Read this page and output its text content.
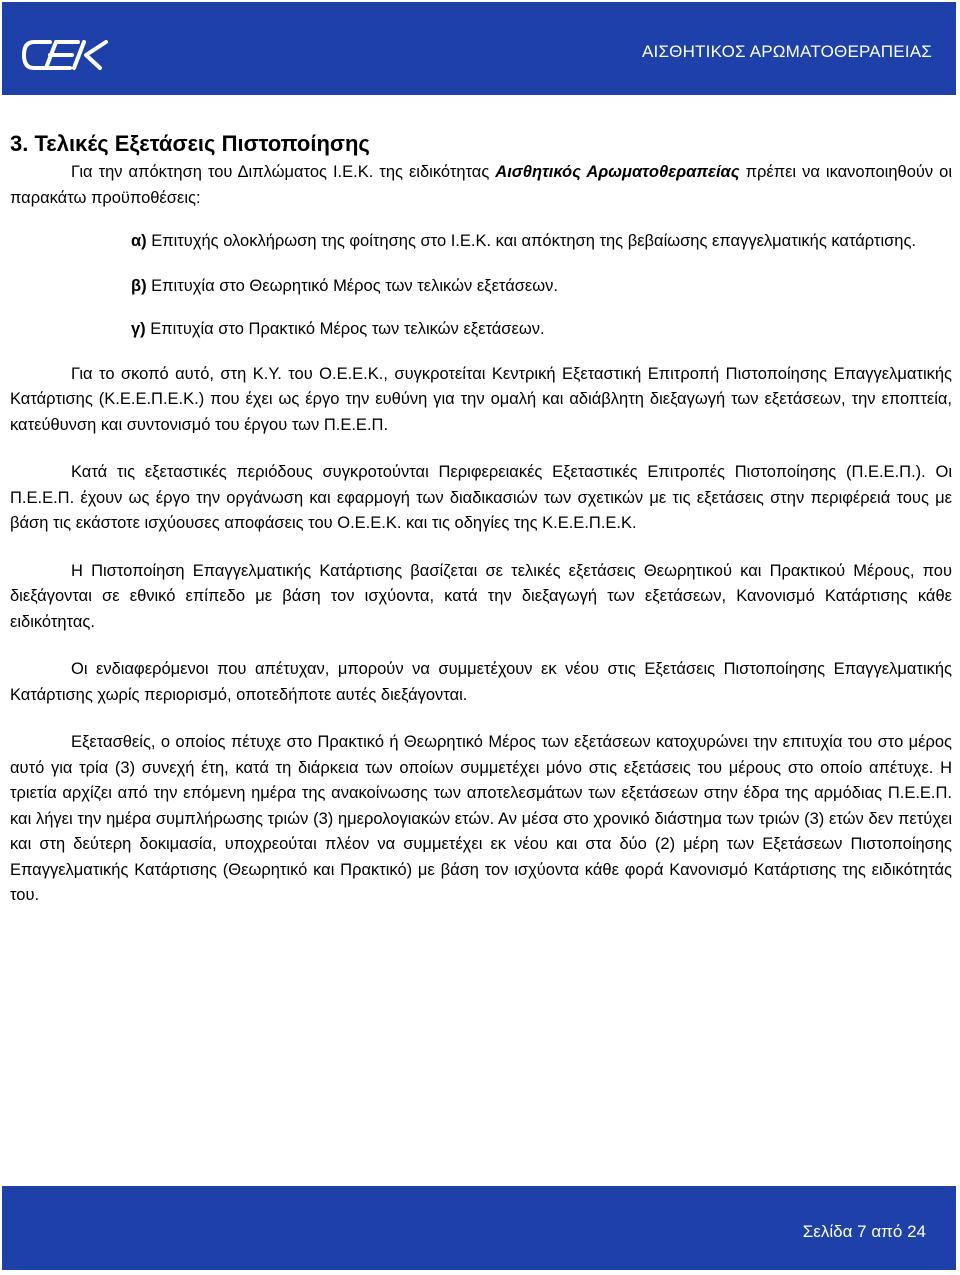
ΑΙΣΘΗΤΙΚΟΣ ΑΡΩΜΑΤΟΘΕΡΑΠΕΙΑΣ
3. Τελικές Εξετάσεις Πιστοποίησης

Για την απόκτηση του Διπλώματος Ι.Ε.Κ. της ειδικότητας Αισθητικός Αρωματοθεραπείας πρέπει να ικανοποιηθούν οι παρακάτω προϋποθέσεις:

α) Επιτυχής ολοκλήρωση της φοίτησης στο Ι.Ε.Κ. και απόκτηση της βεβαίωσης επαγγελματικής κατάρτισης.

β) Επιτυχία στο Θεωρητικό Μέρος των τελικών εξετάσεων.

γ) Επιτυχία στο Πρακτικό Μέρος των τελικών εξετάσεων.

Για το σκοπό αυτό, στη Κ.Υ. του Ο.Ε.Ε.Κ., συγκροτείται Κεντρική Εξεταστική Επιτροπή Πιστοποίησης Επαγγελματικής Κατάρτισης (Κ.Ε.Ε.Π.Ε.Κ.) που έχει ως έργο την ευθύνη για την ομαλή και αδιάβλητη διεξαγωγή των εξετάσεων, την εποπτεία, κατεύθυνση και συντονισμό του έργου των Π.Ε.Ε.Π.

Κατά τις εξεταστικές περιόδους συγκροτούνται Περιφερειακές Εξεταστικές Επιτροπές Πιστοποίησης (Π.Ε.Ε.Π.). Οι Π.Ε.Ε.Π. έχουν ως έργο την οργάνωση και εφαρμογή των διαδικασιών των σχετικών με τις εξετάσεις στην περιφέρειά τους με βάση τις εκάστοτε ισχύουσες αποφάσεις του Ο.Ε.Ε.Κ. και τις οδηγίες της Κ.Ε.Ε.Π.Ε.Κ.

Η Πιστοποίηση Επαγγελματικής Κατάρτισης βασίζεται σε τελικές εξετάσεις Θεωρητικού και Πρακτικού Μέρους, που διεξάγονται σε εθνικό επίπεδο με βάση τον ισχύοντα, κατά την διεξαγωγή των εξετάσεων, Κανονισμό Κατάρτισης κάθε ειδικότητας.

Οι ενδιαφερόμενοι που απέτυχαν, μπορούν να συμμετέχουν εκ νέου στις Εξετάσεις Πιστοποίησης Επαγγελματικής Κατάρτισης χωρίς περιορισμό, οποτεδήποτε αυτές διεξάγονται.

Εξετασθείς, ο οποίος πέτυχε στο Πρακτικό ή Θεωρητικό Μέρος των εξετάσεων κατοχυρώνει την επιτυχία του στο μέρος αυτό για τρία (3) συνεχή έτη, κατά τη διάρκεια των οποίων συμμετέχει μόνο στις εξετάσεις του μέρους στο οποίο απέτυχε. Η τριετία αρχίζει από την επόμενη ημέρα της ανακοίνωσης των αποτελεσμάτων των εξετάσεων στην έδρα της αρμόδιας Π.Ε.Ε.Π. και λήγει την ημέρα συμπλήρωσης τριών (3) ημερολογιακών ετών. Αν μέσα στο χρονικό διάστημα των τριών (3) ετών δεν πετύχει και στη δεύτερη δοκιμασία, υποχρεούται πλέον να συμμετέχει εκ νέου και στα δύο (2) μέρη των Εξετάσεων Πιστοποίησης Επαγγελματικής Κατάρτισης (Θεωρητικό και Πρακτικό) με βάση τον ισχύοντα κάθε φορά Κανονισμό Κατάρτισης της ειδικότητάς του.

Σελίδα 7 από 24
